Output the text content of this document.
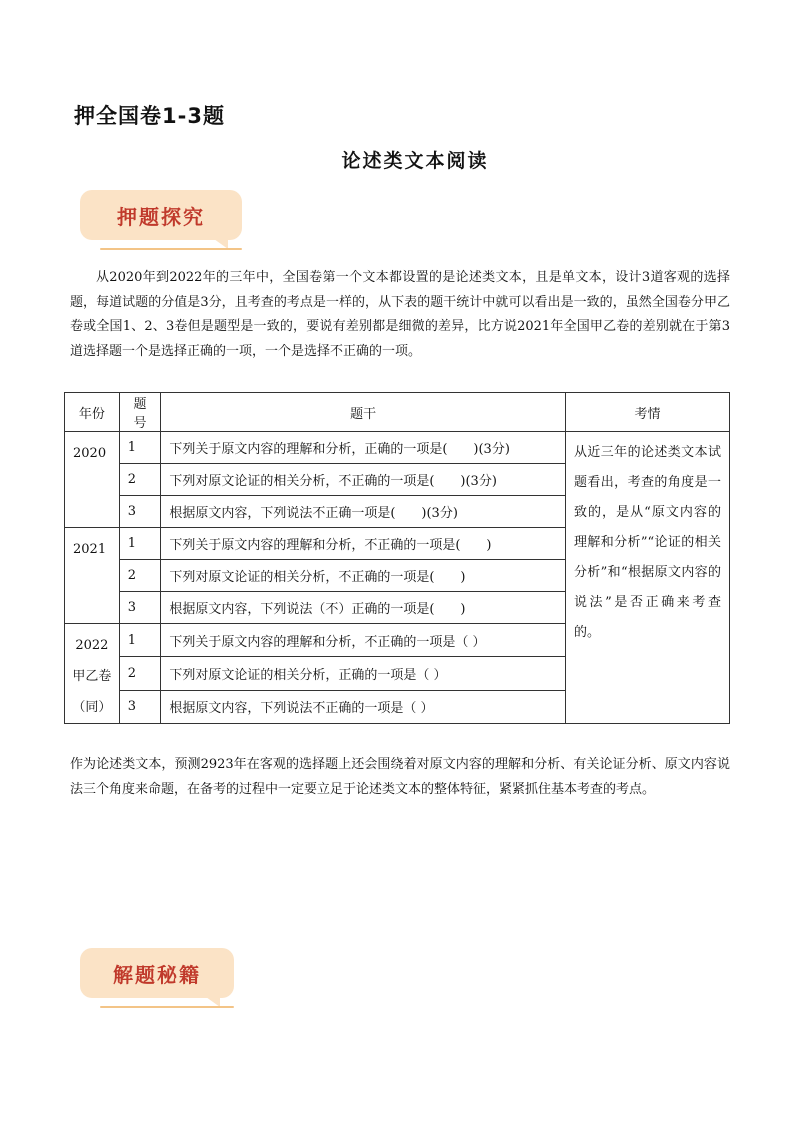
押全国卷1-3题
论述类文本阅读
押题探究
从2020年到2022年的三年中，全国卷第一个文本都设置的是论述类文本，且是单文本，设计3道客观的选择题，每道试题的分值是3分，且考查的考点是一样的，从下表的题干统计中就可以看出是一致的，虽然全国卷分甲乙卷或全国1、2、3卷但是题型是一致的，要说有差别都是细微的差异，比方说2021年全国甲乙卷的差别就在于第3道选择题一个是选择正确的一项，一个是选择不正确的一项。
年份	题号	题干	考情
2020	1	下列关于原文内容的理解和分析，正确的一项是(　　)(3分)	从近三年的论述类文本试题看出，考查的角度是一致的，是从“原文内容的理解和分析”“论证的相关分析”和“根据原文内容的说法”是否正确来考查的。
	2	下列对原文论证的相关分析，不正确的一项是(　　)(3分)	
	3	根据原文内容，下列说法不正确一项是(　　)(3分)	
2021	1	下列关于原文内容的理解和分析，不正确的一项是(　　)	
	2	下列对原文论证的相关分析，不正确的一项是(　　)	
	3	根据原文内容，下列说法（不）正确的一项是(　　)	
2022甲乙卷（同）	1	下列关于原文内容的理解和分析，不正确的一项是（ ）	
	2	下列对原文论证的相关分析，正确的一项是（ ）	
	3	根据原文内容，下列说法不正确的一项是（ ）	
作为论述类文本，预测2923年在客观的选择题上还会围绕着对原文内容的理解和分析、有关论证分析、原文内容说法三个角度来命题，在备考的过程中一定要立足于论述类文本的整体特征，紧紧抓住基本考查的考点。
解题秘籍
